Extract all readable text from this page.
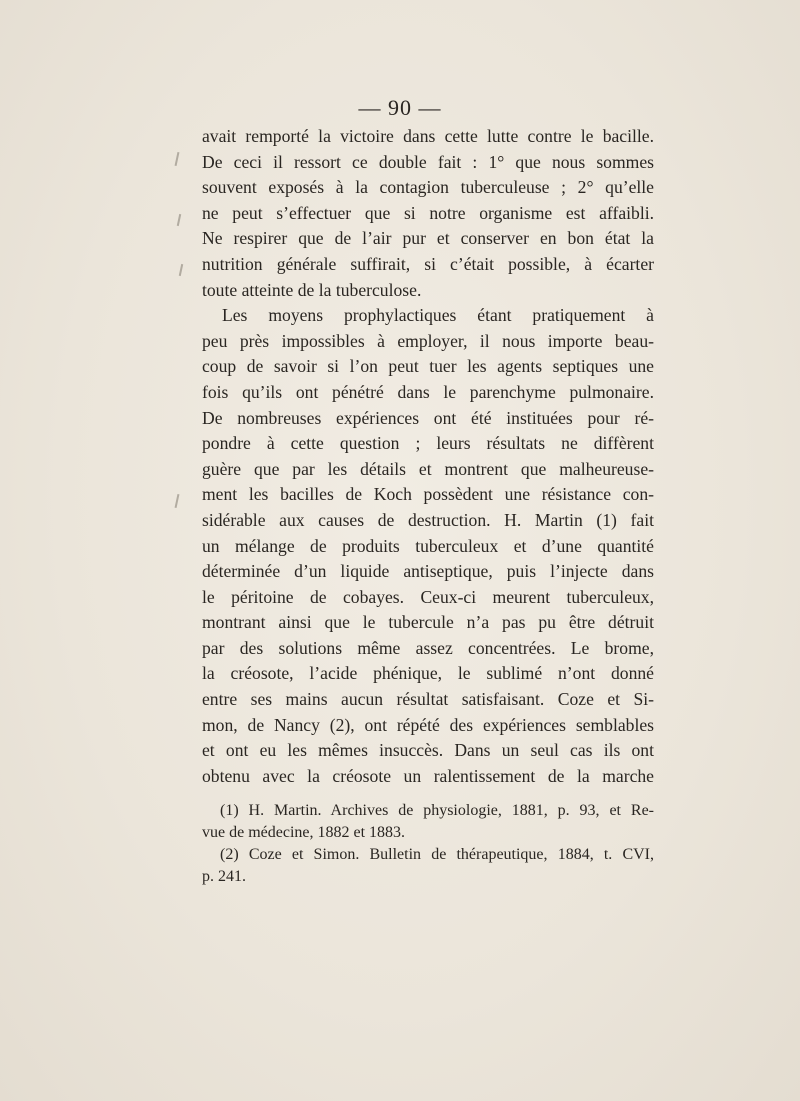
— 90 —
avait remporté la victoire dans cette lutte contre le bacille.
De ceci il ressort ce double fait : 1° que nous sommes
souvent exposés à la contagion tuberculeuse ; 2° qu’elle
ne peut s’effectuer que si notre organisme est affaibli.
Ne respirer que de l’air pur et conserver en bon état la
nutrition générale suffirait, si c’était possible, à écarter
toute atteinte de la tuberculose.
Les moyens prophylactiques étant pratiquement à
peu près impossibles à employer, il nous importe beau-
coup de savoir si l’on peut tuer les agents septiques une
fois qu’ils ont pénétré dans le parenchyme pulmonaire.
De nombreuses expériences ont été instituées pour ré-
pondre à cette question ; leurs résultats ne diffèrent
guère que par les détails et montrent que malheureuse-
ment les bacilles de Koch possèdent une résistance con-
sidérable aux causes de destruction. H. Martin (1) fait
un mélange de produits tuberculeux et d’une quantité
déterminée d’un liquide antiseptique, puis l’injecte dans
le péritoine de cobayes. Ceux-ci meurent tuberculeux,
montrant ainsi que le tubercule n’a pas pu être détruit
par des solutions même assez concentrées. Le brome,
la créosote, l’acide phénique, le sublimé n’ont donné
entre ses mains aucun résultat satisfaisant. Coze et Si-
mon, de Nancy (2), ont répété des expériences semblables
et ont eu les mêmes insuccès. Dans un seul cas ils ont
obtenu avec la créosote un ralentissement de la marche
(1) H. Martin. Archives de physiologie, 1881, p. 93, et Re-
vue de médecine, 1882 et 1883.
(2) Coze et Simon. Bulletin de thérapeutique, 1884, t. CVI,
p. 241.
